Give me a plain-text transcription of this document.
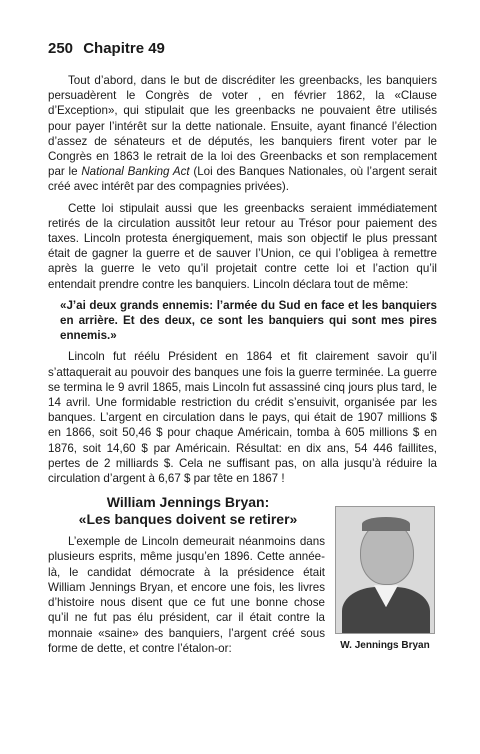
250 Chapitre 49

Tout d’abord, dans le but de discréditer les greenbacks, les banquiers persuadèrent le Congrès de voter , en février 1862, la «Clause d’Exception», qui stipulait que les greenbacks ne pouvaient être utilisés pour payer l’intérêt sur la dette nationale. Ensuite, ayant financé l’élection d’assez de sénateurs et de députés, les banquiers firent voter par le Congrès en 1863 le retrait de la loi des Greenbacks et son remplacement par le National Banking Act (Loi des Banques Nationales, où l’argent serait créé avec intérêt par des compagnies privées).

Cette loi stipulait aussi que les greenbacks seraient immédiatement retirés de la circulation aussitôt leur retour au Trésor pour paiement des taxes. Lincoln protesta énergiquement, mais son objectif le plus pressant était de gagner la guerre et de sauver l’Union, ce qui l’obligea à remettre après la guerre le veto qu’il projetait contre cette loi et l’action qu’il entendait prendre contre les banquiers. Lincoln déclara tout de même:

«J’ai deux grands ennemis: l’armée du Sud en face et les banquiers en arrière. Et des deux, ce sont les banquiers qui sont mes pires ennemis.»

Lincoln fut réélu Président en 1864 et fit clairement savoir qu’il s’attaquerait au pouvoir des banques une fois la guerre terminée. La guerre se termina le 9 avril 1865, mais Lincoln fut assassiné cinq jours plus tard, le 14 avril. Une formidable restriction du crédit s’ensuivit, organisée par les banques. L’argent en circulation dans le pays, qui était de 1907 millions $ en 1866, soit 50,46 $ pour chaque Américain, tomba à 605 millions $ en 1876, soit 14,60 $ par Américain. Résultat: en dix ans, 54 446 faillites, pertes de 2 milliards $. Cela ne suffisant pas, on alla jusqu’à réduire la circulation d’argent à 6,67 $ par tête en 1867 !

William Jennings Bryan:
«Les banques doivent se retirer»

L’exemple de Lincoln demeurait néanmoins dans plusieurs esprits, même jusqu’en 1896. Cette année-là, le candidat démocrate à la présidence était William Jennings Bryan, et encore une fois, les livres d’histoire nous disent que ce fut une bonne chose qu’il ne fut pas élu président, car il était contre la monnaie «saine» des banquiers, l’argent créé sous forme de dette, et contre l’étalon-or:	W. Jennings Bryan
